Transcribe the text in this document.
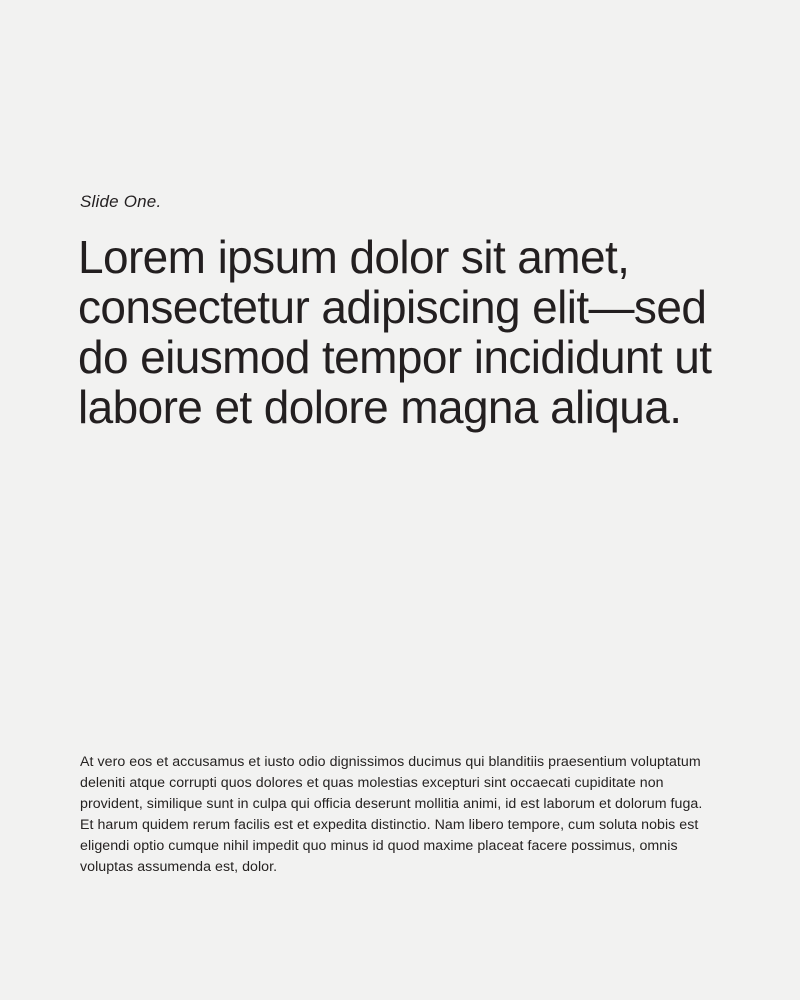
Slide One.
Lorem ipsum dolor sit amet, consectetur adipiscing elit—sed do eiusmod tempor incididunt ut labore et dolore magna aliqua.

At vero eos et accusamus et iusto odio dignissimos ducimus qui blanditiis praesentium voluptatum deleniti atque corrupti quos dolores et quas molestias excepturi sint occaecati cupiditate non provident, similique sunt in culpa qui officia deserunt mollitia animi, id est laborum et dolorum fuga. Et harum quidem rerum facilis est et expedita distinctio. Nam libero tempore, cum soluta nobis est eligendi optio cumque nihil impedit quo minus id quod maxime placeat facere possimus, omnis voluptas assumenda est, dolor.
